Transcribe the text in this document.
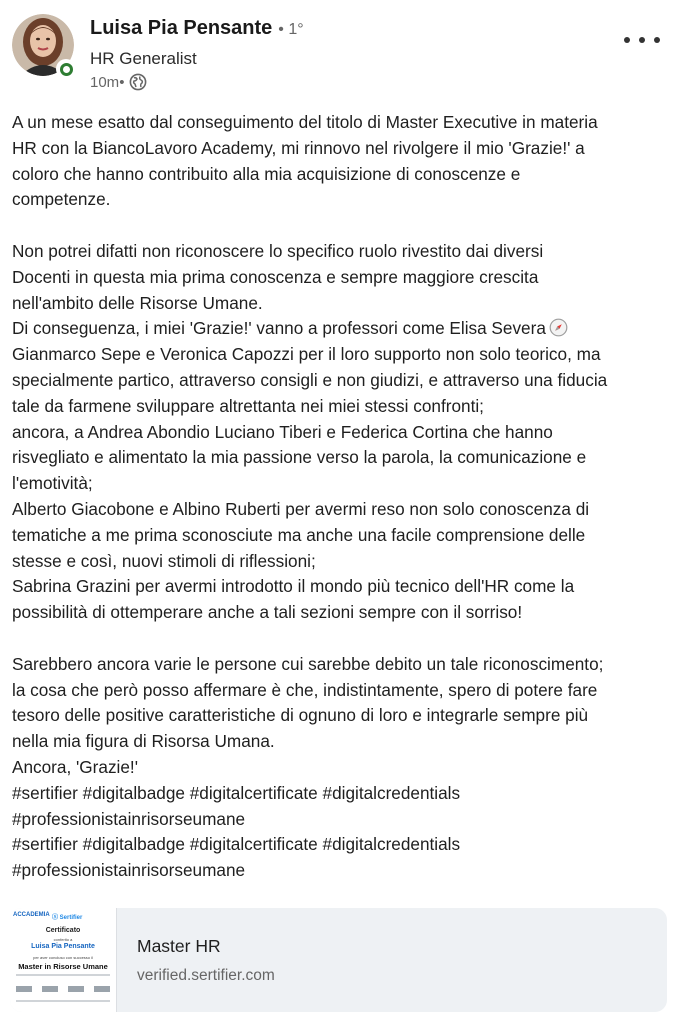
Luisa Pia Pensante • 1°
HR Generalist
10m •

A un mese esatto dal conseguimento del titolo di Master Executive in materia

HR con la BiancoLavoro Academy, mi rinnovo nel rivolgere il mio 'Grazie!' a

coloro che hanno contribuito alla mia acquisizione di conoscenze e

competenze.

Non potrei difatti non riconoscere lo specifico ruolo rivestito dai diversi

Docenti in questa mia prima conoscenza e sempre maggiore crescita

nell'ambito delle Risorse Umane.

Di conseguenza, i miei 'Grazie!' vanno a professori come Elisa Severa

Gianmarco Sepe e Veronica Capozzi per il loro supporto non solo teorico, ma

specialmente partico, attraverso consigli e non giudizi, e attraverso una fiducia

tale da farmene sviluppare altrettanta nei miei stessi confronti;

ancora, a Andrea Abondio Luciano Tiberi e Federica Cortina che hanno

risvegliato e alimentato la mia passione verso la parola, la comunicazione e

l'emotività;

Alberto Giacobone e Albino Ruberti per avermi reso non solo conoscenza di

tematiche a me prima sconosciute ma anche una facile comprensione delle

stesse e così, nuovi stimoli di riflessioni;

Sabrina Grazini per avermi introdotto il mondo più tecnico dell'HR come la

possibilità di ottemperare anche a tali sezioni sempre con il sorriso!

Sarebbero ancora varie le persone cui sarebbe debito un tale riconoscimento;

la cosa che però posso affermare è che, indistintamente, spero di potere fare

tesoro delle positive caratteristiche di ognuno di loro e integrarle sempre più

nella mia figura di Risorsa Umana.

Ancora, 'Grazie!'

#sertifier #digitalbadge #digitalcertificate #digitalcredentials

#professionistainrisorseumane

#sertifier #digitalbadge #digitalcertificate #digitalcredentials

#professionistainrisorseumane

ACCADEMIA Ⓢ Sertifier
Certificato
conferito a
Luisa Pia Pensante
per aver concluso con successo il
Master in Risorse Umane
Master HR
verified.sertifier.com
